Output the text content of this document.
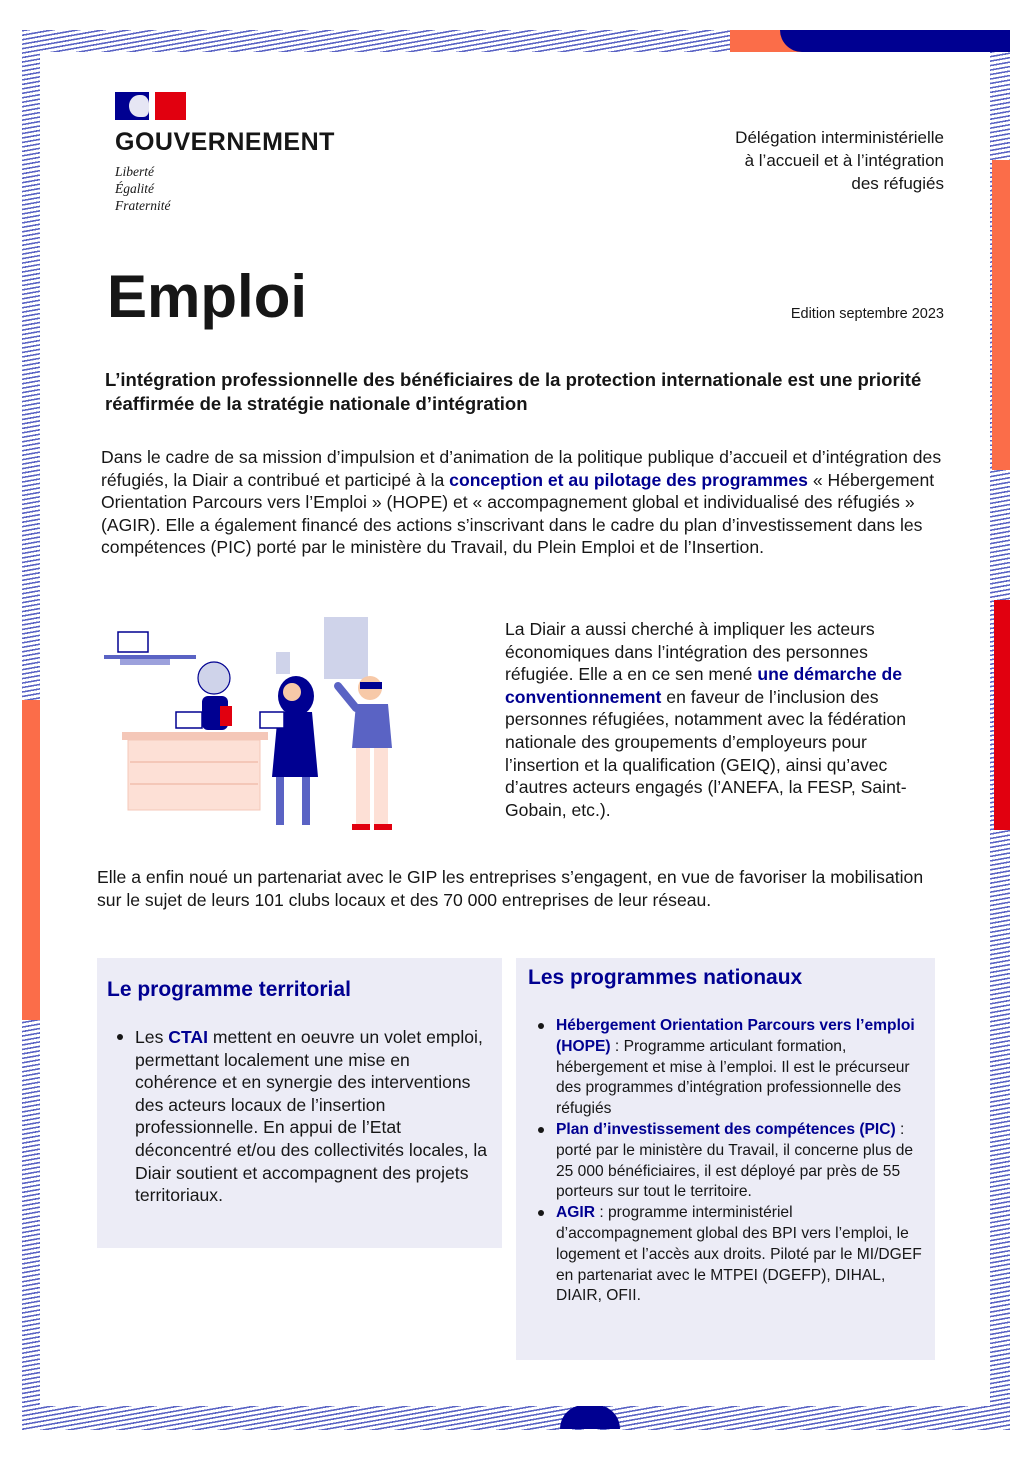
GOUVERNEMENT
Liberté
Égalité
Fraternité
Délégation interministérielle
à l’accueil et à l’intégration
des réfugiés
Emploi	Edition septembre 2023

L’intégration professionnelle des bénéficiaires de la protection internationale est une priorité réaffirmée de la stratégie nationale d’intégration

Dans le cadre de sa mission d’impulsion et d’animation de la politique publique d’accueil et d’intégration des réfugiés, la Diair a contribué et participé à la conception et au pilotage des programmes « Hébergement Orientation Parcours vers l’Emploi » (HOPE) et « accompagnement global et individualisé des réfugiés » (AGIR). Elle a également financé des actions s’inscrivant dans le cadre du plan d’investissement dans les compétences (PIC) porté par le ministère du Travail, du Plein Emploi et de l’Insertion.

La Diair a aussi cherché à impliquer les acteurs économiques dans l’intégration des personnes réfugiée. Elle a en ce sen mené une démarche de conventionnement en faveur de l’inclusion des personnes réfugiées, notamment avec la fédération nationale des groupements d’employeurs pour l’insertion et la qualification (GEIQ), ainsi qu’avec d’autres acteurs engagés (l’ANEFA, la FESP, Saint-Gobain, etc.).

Elle a enfin noué un partenariat avec le GIP les entreprises s’engagent, en vue de favoriser la mobilisation sur le sujet de leurs 101 clubs locaux et des 70 000 entreprises de leur réseau.

Le programme territorial
Les CTAI mettent en oeuvre un volet emploi, permettant localement une mise en cohérence et en synergie des interventions des acteurs locaux de l’insertion professionnelle. En appui de l’Etat déconcentré et/ou des collectivités locales, la Diair soutient et accompagnent des projets territoriaux.
Les programmes nationaux
Hébergement Orientation Parcours vers l’emploi (HOPE) : Programme articulant formation, hébergement et mise à l’emploi. Il est le précurseur des programmes d’intégration professionnelle des réfugiés
Plan d’investissement des compétences (PIC) : porté par le ministère du Travail, il concerne plus de 25 000 bénéficiaires, il est déployé par près de 55 porteurs sur tout le territoire.
AGIR : programme interministériel d’accompagnement global des BPI vers l’emploi, le logement et l’accès aux droits. Piloté par le MI/DGEF en partenariat avec le MTPEI (DGEFP), DIHAL, DIAIR, OFII.
